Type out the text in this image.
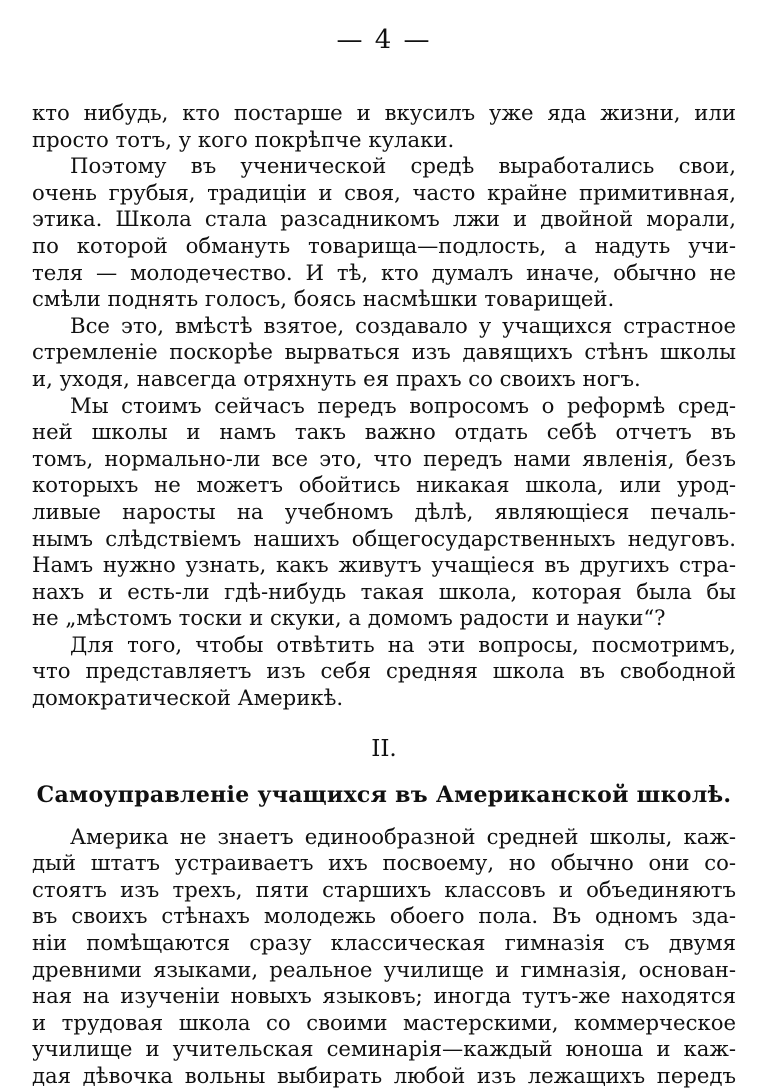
— 4 —
кто нибудь, кто постарше и вкусилъ уже яда жизни, или
просто тотъ, у кого покрѣпче кулаки.
Поэтому въ ученической средѣ выработались свои,
очень грубыя, традиціи и своя, часто крайне примитивная,
этика. Школа стала разсадникомъ лжи и двойной морали,
по которой обмануть товарища—подлость, а надуть учи-
теля — молодечество. И тѣ, кто думалъ иначе, обычно не
смѣли поднять голосъ, боясь насмѣшки товарищей.
Все это, вмѣстѣ взятое, создавало у учащихся страстное
стремленіе поскорѣе вырваться изъ давящихъ стѣнъ школы
и, уходя, навсегда отряхнуть ея прахъ со своихъ ногъ.
Мы стоимъ сейчасъ передъ вопросомъ о реформѣ сред-
ней школы и намъ такъ важно отдать себѣ отчетъ въ
томъ, нормально-ли все это, что передъ нами явленія, безъ
которыхъ не можетъ обойтись никакая школа, или урод-
ливые наросты на учебномъ дѣлѣ, являющіеся печаль-
нымъ слѣдствіемъ нашихъ общегосударственныхъ недуговъ.
Намъ нужно узнать, какъ живутъ учащіеся въ другихъ стра-
нахъ и есть-ли гдѣ-нибудь такая школа, которая была бы
не „мѣстомъ тоски и скуки, а домомъ радости и науки“?
Для того, чтобы отвѣтить на эти вопросы, посмотримъ,
что представляетъ изъ себя средняя школа въ свободной
домократической Америкѣ.
II.
Самоуправленіе учащихся въ Американской школѣ.
Америка не знаетъ единообразной средней школы, каж-
дый штатъ устраиваетъ ихъ посвоему, но обычно они со-
стоятъ изъ трехъ, пяти старшихъ классовъ и объединяютъ
въ своихъ стѣнахъ молодежь обоего пола. Въ одномъ зда-
ніи помѣщаются сразу классическая гимназія съ двумя
древними языками, реальное училище и гимназія, основан-
ная на изученіи новыхъ языковъ; иногда тутъ-же находятся
и трудовая школа со своими мастерскими, коммерческое
училище и учительская семинарія—каждый юноша и каж-
дая дѣвочка вольны выбирать любой изъ лежащихъ передъ
